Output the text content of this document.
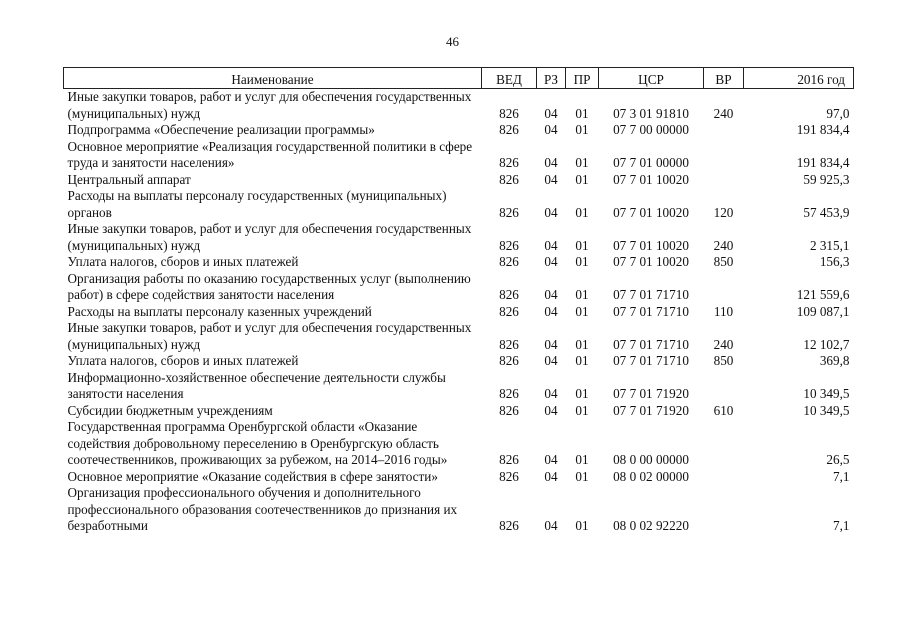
46
Наименование	ВЕД	РЗ	ПР	ЦСР	ВР	2016 год
Иные закупки товаров, работ и услуг для обеспечения государственных (муниципальных) нужд	826	04	01	07 3 01 91810	240	97,0
Подпрограмма «Обеспечение реализации программы»	826	04	01	07 7 00 00000		191 834,4
Основное мероприятие «Реализация государственной политики в сфере труда и занятости населения»	826	04	01	07 7 01 00000		191 834,4
Центральный аппарат	826	04	01	07 7 01 10020		59 925,3
Расходы на выплаты персоналу государственных (муниципальных) органов	826	04	01	07 7 01 10020	120	57 453,9
Иные закупки товаров, работ и услуг для обеспечения государственных (муниципальных) нужд	826	04	01	07 7 01 10020	240	2 315,1
Уплата налогов, сборов и иных платежей	826	04	01	07 7 01 10020	850	156,3
Организация работы по оказанию государственных услуг (выполнению работ) в сфере содействия занятости населения	826	04	01	07 7 01 71710		121 559,6
Расходы на выплаты персоналу казенных учреждений	826	04	01	07 7 01 71710	110	109 087,1
Иные закупки товаров, работ и услуг для обеспечения государственных (муниципальных) нужд	826	04	01	07 7 01 71710	240	12 102,7
Уплата налогов, сборов и иных платежей	826	04	01	07 7 01 71710	850	369,8
Информационно-хозяйственное обеспечение деятельности службы занятости населения	826	04	01	07 7 01 71920		10 349,5
Субсидии бюджетным учреждениям	826	04	01	07 7 01 71920	610	10 349,5
Государственная программа Оренбургской области «Оказание содействия добровольному переселению в Оренбургскую область соотечественников, проживающих за рубежом, на 2014–2016 годы»	826	04	01	08 0 00 00000		26,5
Основное мероприятие «Оказание содействия в сфере занятости»	826	04	01	08 0 02 00000		7,1
Организация профессионального обучения и дополнительного профессионального образования соотечественников до признания их безработными	826	04	01	08 0 02 92220		7,1
